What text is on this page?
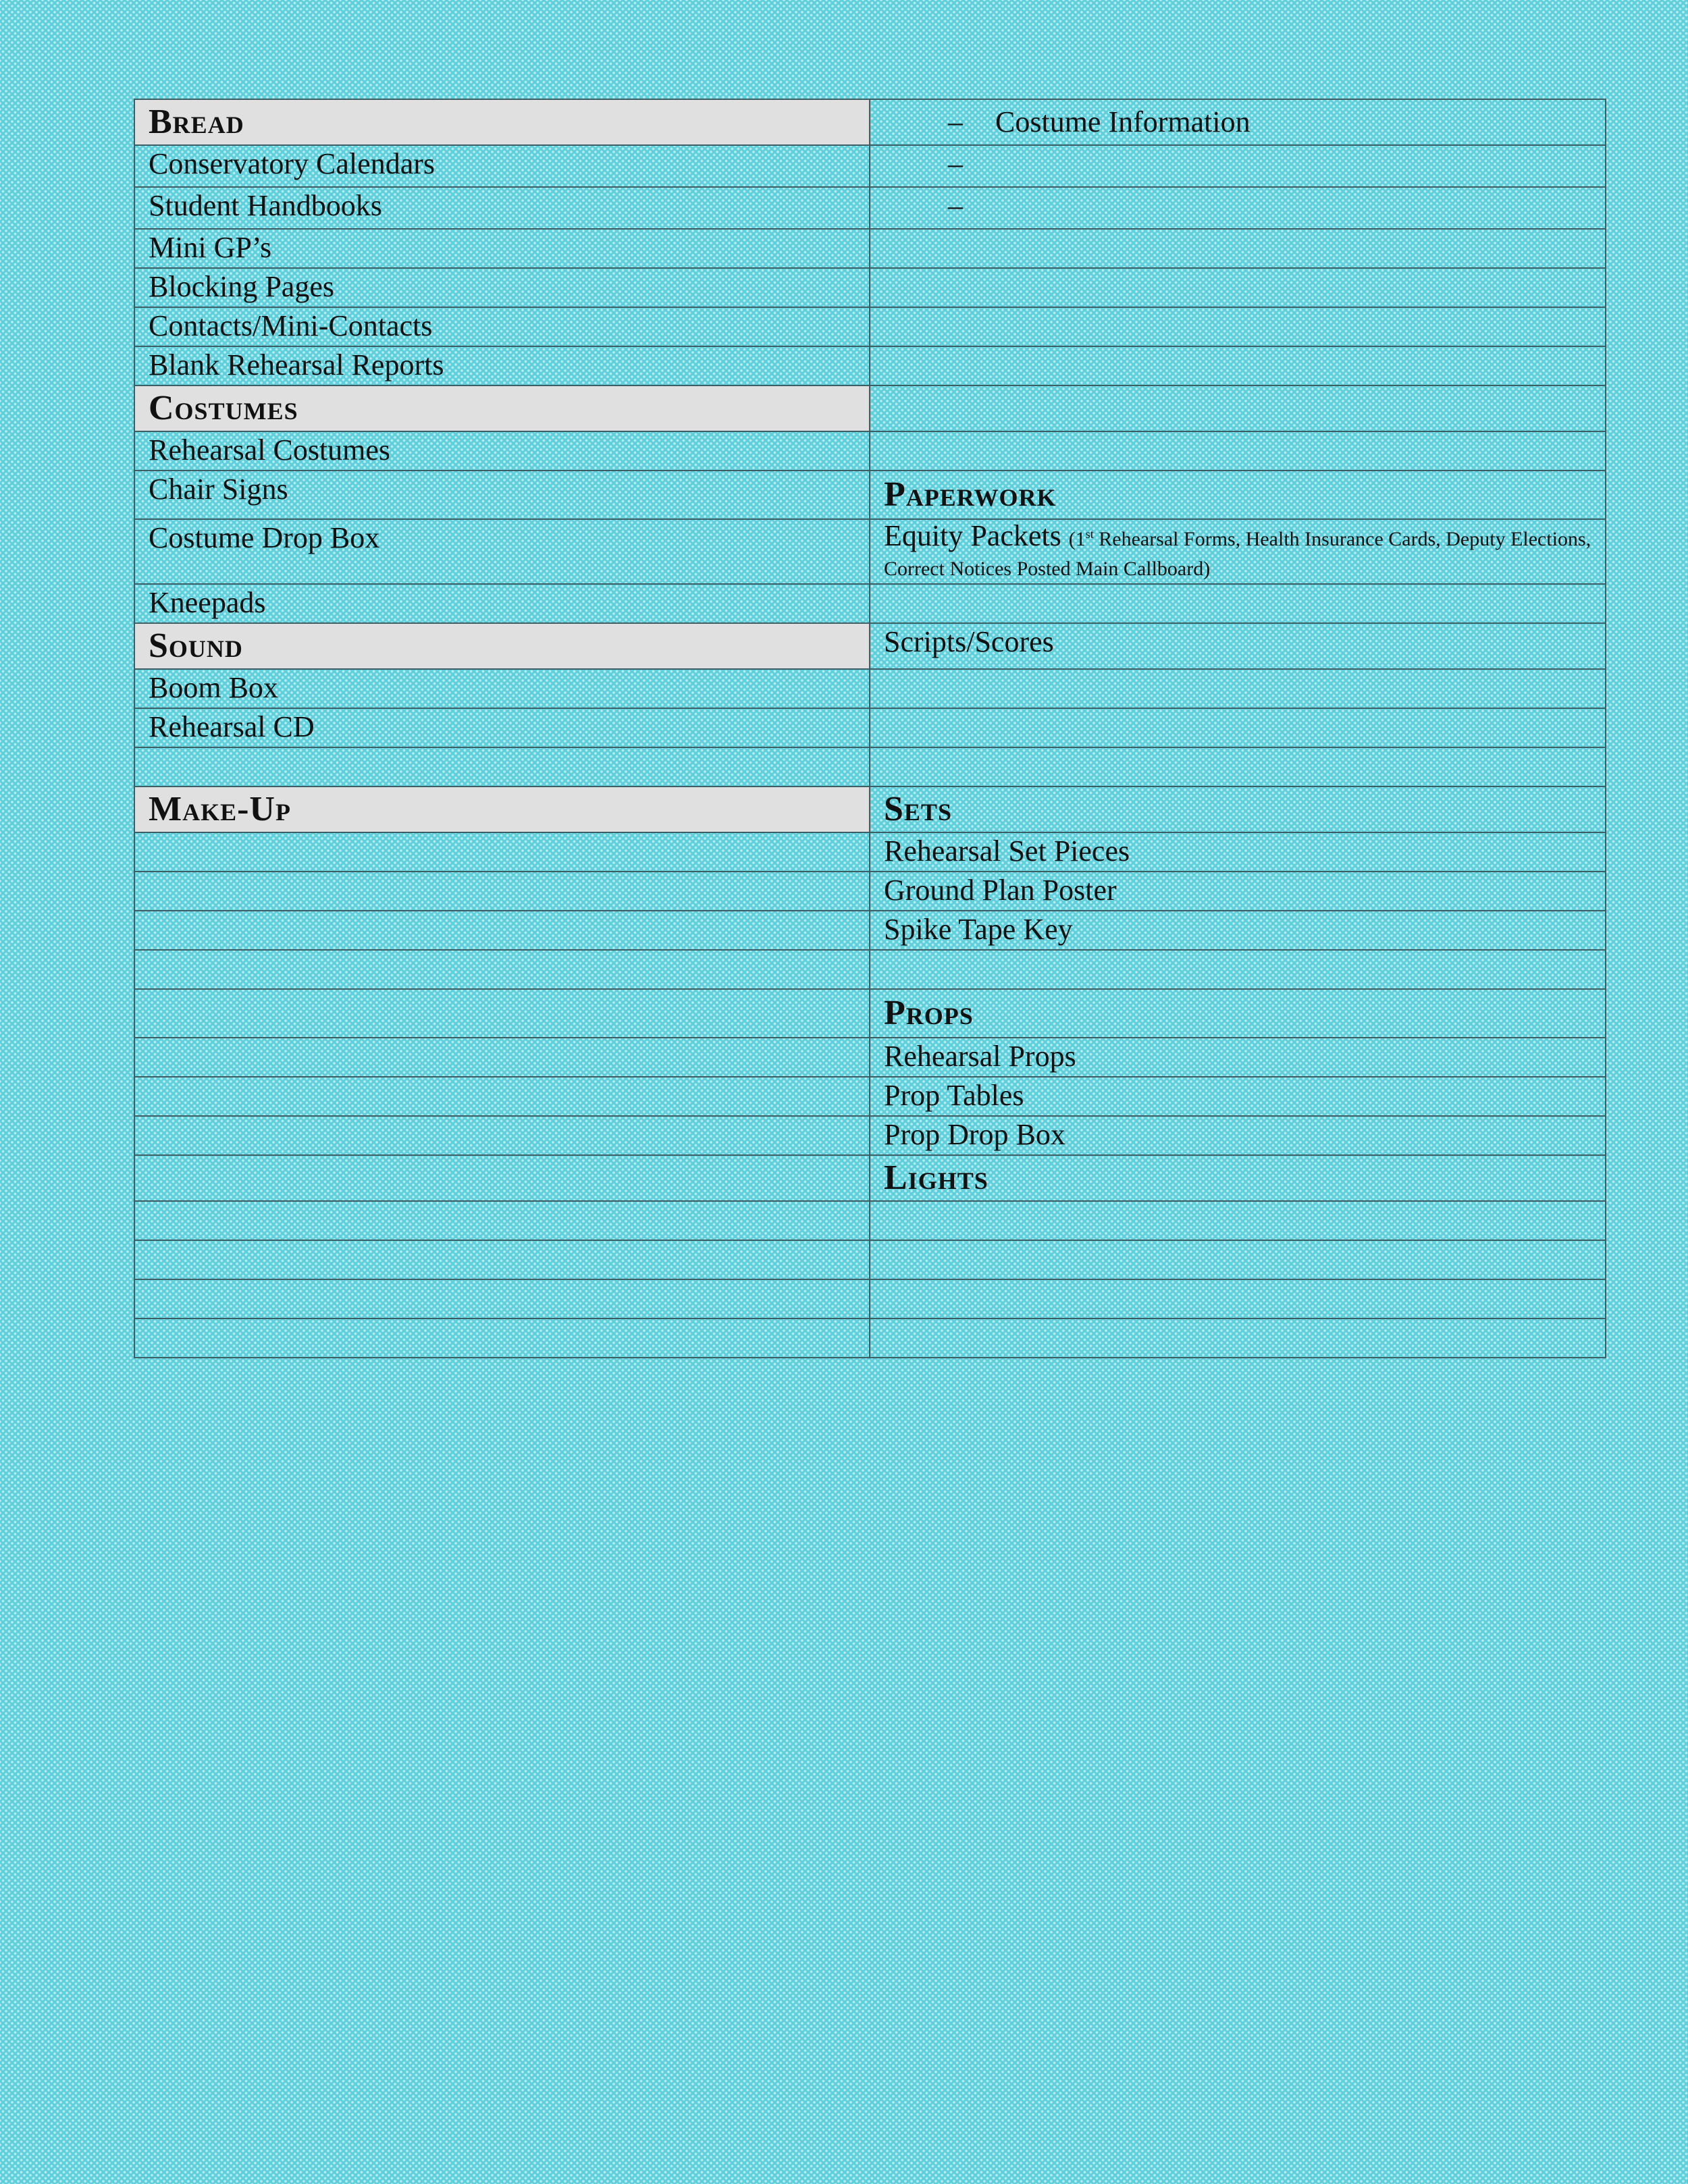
Bread	– Costume Information

Conservatory Calendars	–

Student Handbooks	–

Mini GP’s	
Blocking Pages	
Contacts/Mini-Contacts	
Blank Rehearsal Reports	
Costumes	
Rehearsal Costumes	
Chair Signs	Paperwork
Costume Drop Box	Equity Packets (1st Rehearsal Forms, Health Insurance Cards, Deputy Elections, Correct Notices Posted Main Callboard)
Kneepads	
Sound	Scripts/Scores
Boom Box	
Rehearsal CD	

Make-Up	Sets
	Rehearsal Set Pieces
	Ground Plan Poster
	Spike Tape Key

	Props
	Rehearsal Props
	Prop Tables
	Prop Drop Box
	Lights
